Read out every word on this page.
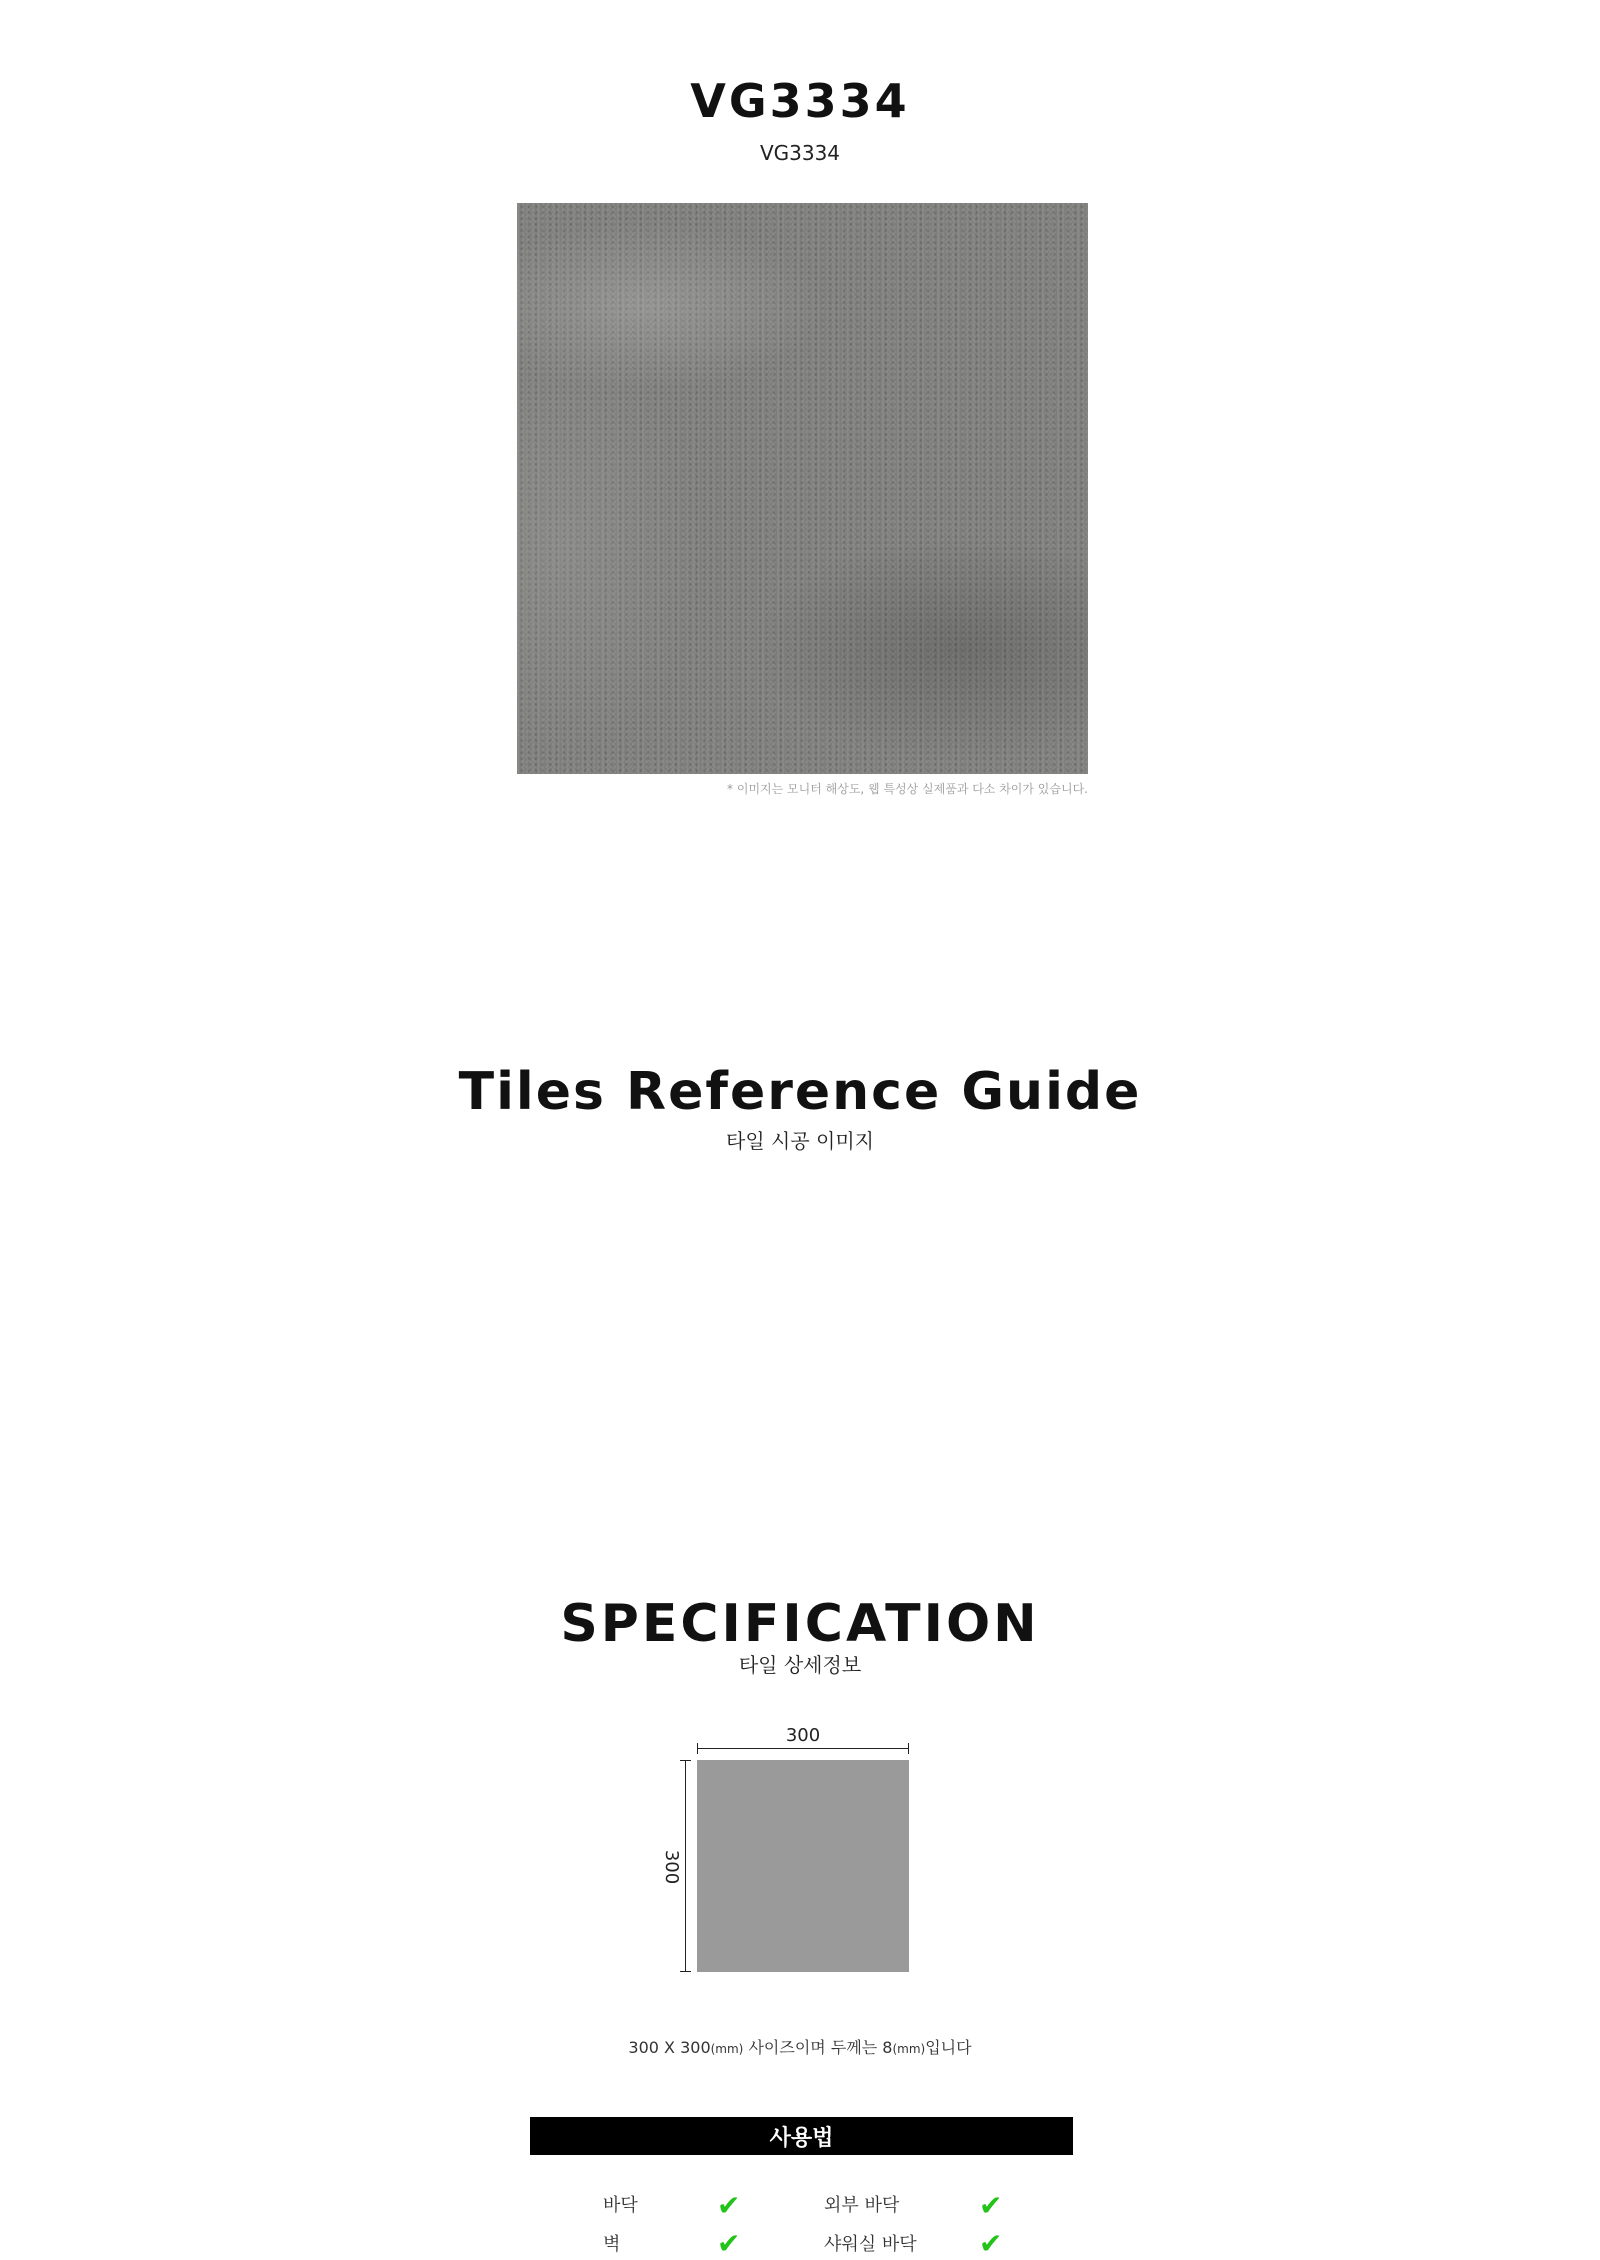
VG3334
VG3334
* 이미지는 모니터 해상도, 웹 특성상 실제품과 다소 차이가 있습니다.
Tiles Reference Guide
타일 시공 이미지
SPECIFICATION
타일 상세정보
300
300
300 X 300(mm) 사이즈이며 두께는 8(mm)입니다
사용법
바닥	✔	외부 바닥	✔
벽	✔	샤워실 바닥 ✔
